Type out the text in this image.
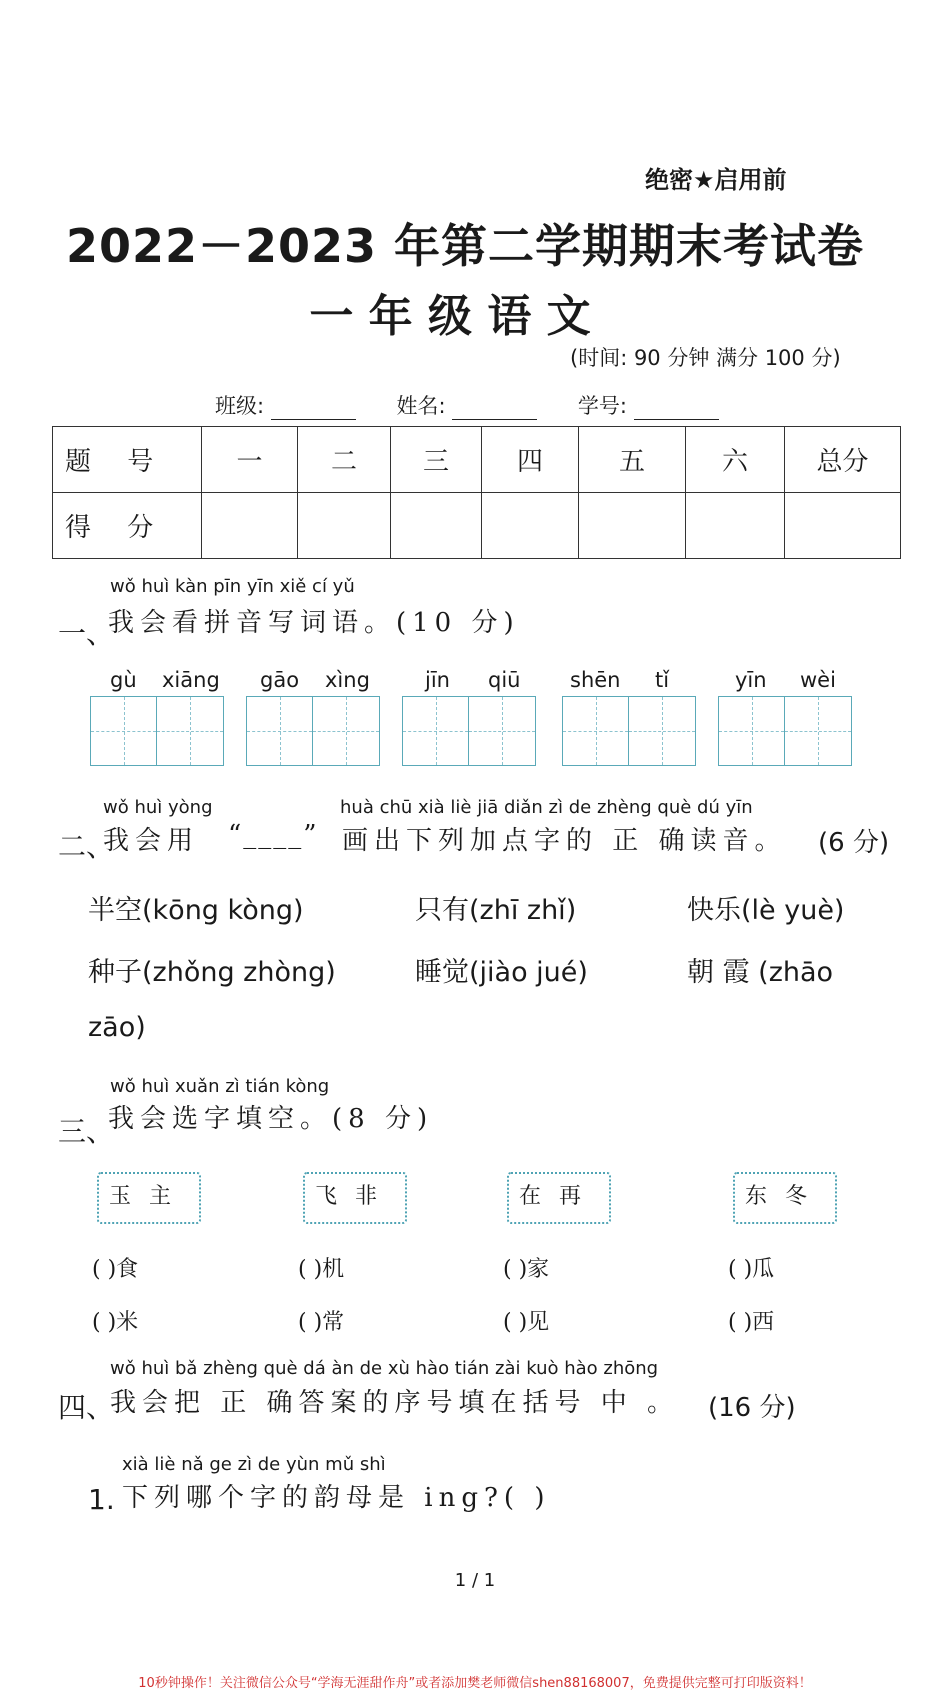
绝密★启用前
2022－2023 年第二学期期末考试卷
一 年 级 语 文
(时间: 90 分钟 满分 100 分)
班级:	姓名:	学号:
题 号	一	二	三	四	五	六	总分
得 分							
wǒ huì kàn pīn yīn xiě cí yǔ
一、
我会看拼音写词语。(10 分)
gù xiāng gāo xìng	jīn qiū shēn tǐ	yīn wèi
wǒ huì yòng	huà chū xià liè jiā diǎn zì de zhèng què dú yīn
二、
我会用 “____” 画出下列加点字的 正 确读音。 (6 分)
半空(kōng kòng)	只有(zhī zhǐ)	快乐(lè yuè)
种子(zhǒng zhòng)	睡觉(jiào jué)	朝 霞 (zhāo
zāo)
wǒ huì xuǎn zì tián kòng
三、
我会选字填空。(8 分)
玉主	飞非	在再	东冬
( )食	( )机	( )家	( )瓜
( )米	( )常	( )见	( )西
wǒ huì bǎ zhèng què dá àn de xù hào tián zài kuò hào zhōng
四、
我会把 正 确答案的序号填在括号 中 。 (16 分)
xià liè nǎ ge zì de yùn mǔ shì
1. 下列哪个字的韵母是 ing?( )
1 / 1
10秒钟操作！关注微信公众号“学海无涯甜作舟”或者添加樊老师微信shen88168007，免费提供完整可打印版资料！
